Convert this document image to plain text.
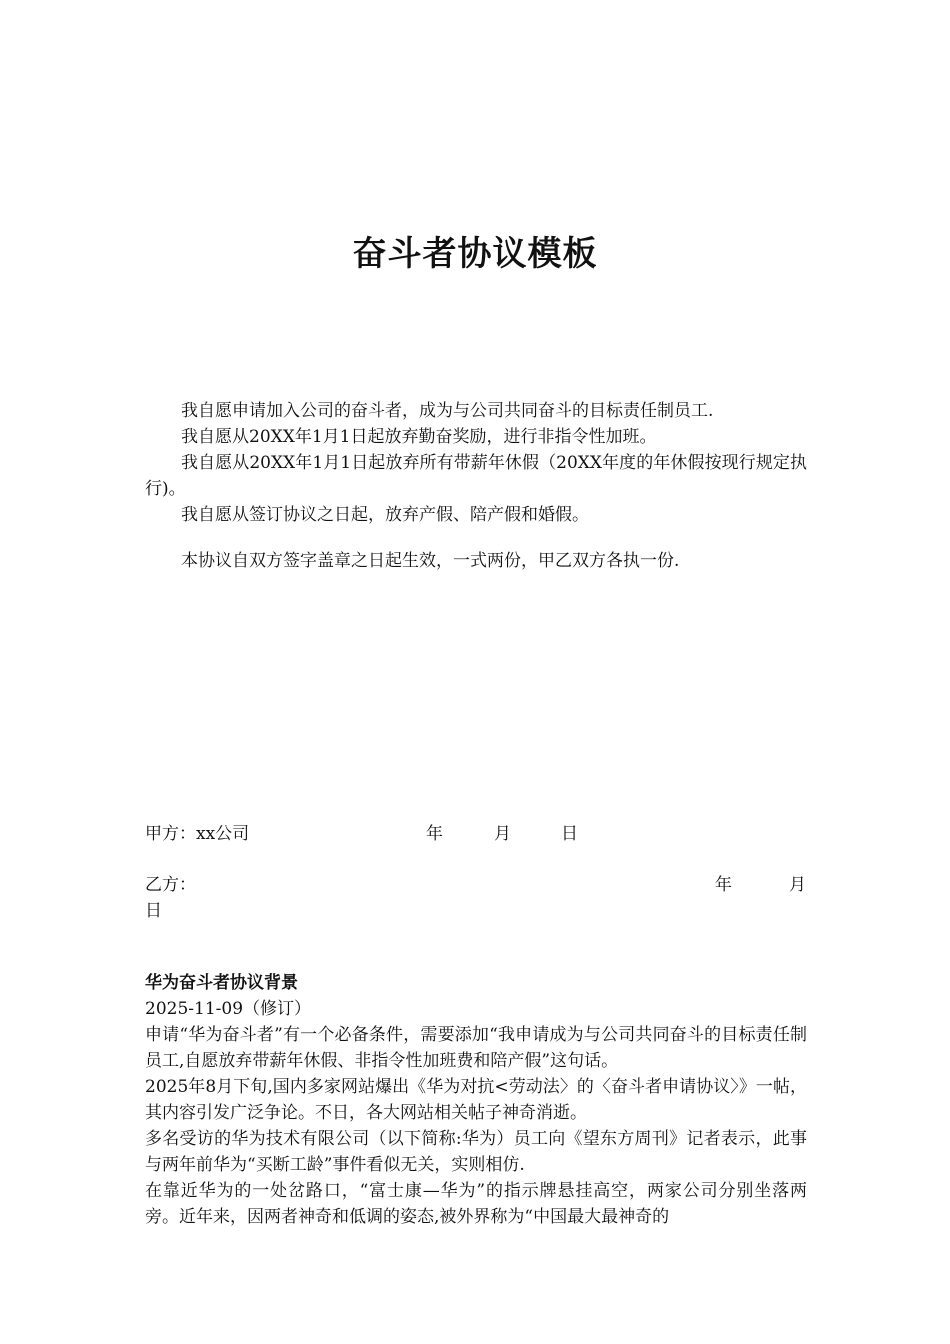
奋斗者协议模板

我自愿申请加入公司的奋斗者，成为与公司共同奋斗的目标责任制员工.

我自愿从20XX年1月1日起放弃勤奋奖励，进行非指令性加班。

我自愿从20XX年1月1日起放弃所有带薪年休假（20XX年度的年休假按现行规定执行)。

我自愿从签订协议之日起，放弃产假、陪产假和婚假。

本协议自双方签字盖章之日起生效，一式两份，甲乙双方各执一份.

甲方：xx公司	年	月	日
乙方：	年	月
日
华为奋斗者协议背景

2025-11-09（修订）

申请“华为奋斗者”有一个必备条件，需要添加“我申请成为与公司共同奋斗的目标责任制员工,自愿放弃带薪年休假、非指令性加班费和陪产假”这句话。

2025年8月下旬,国内多家网站爆出《华为对抗<劳动法〉的〈奋斗者申请协议〉》一帖，其内容引发广泛争论。不日，各大网站相关帖子神奇消逝。

多名受访的华为技术有限公司（以下简称:华为）员工向《望东方周刊》记者表示，此事与两年前华为“买断工龄”事件看似无关，实则相仿.

在靠近华为的一处岔路口，“富士康—华为”的指示牌悬挂高空，两家公司分别坐落两旁。近年来，因两者神奇和低调的姿态,被外界称为“中国最大最神奇的
